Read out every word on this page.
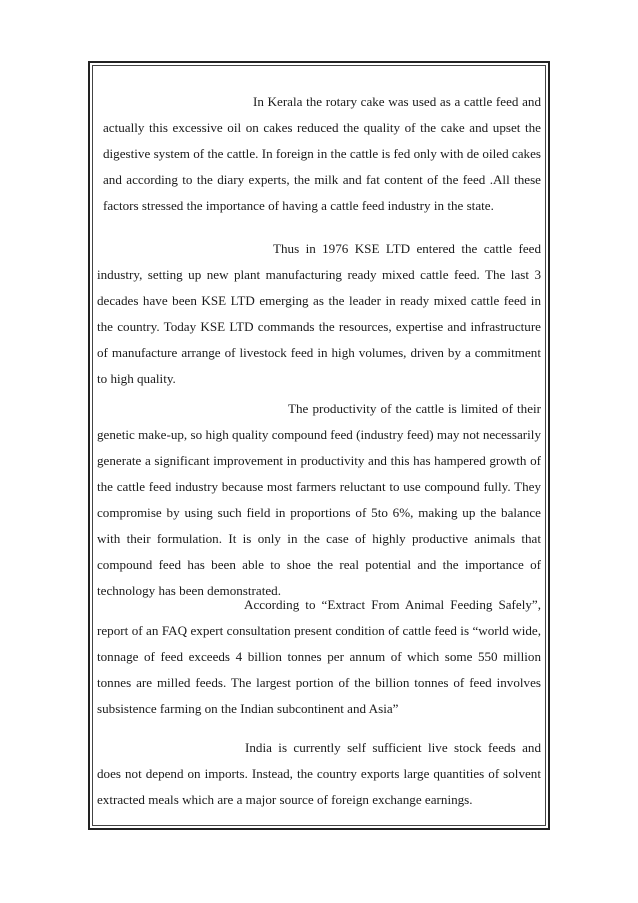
In Kerala the rotary cake was used as a cattle feed and actually this excessive oil on cakes reduced the quality of the cake and upset the digestive system of the cattle. In foreign in the cattle is fed only with de oiled cakes and according to the diary experts, the milk and fat content of the feed .All these factors stressed the importance of having a cattle feed industry in the state.

Thus in 1976 KSE LTD entered the cattle feed industry, setting up new plant manufacturing ready mixed cattle feed. The last 3 decades have been KSE LTD emerging as the leader in ready mixed cattle feed in the country. Today KSE LTD commands the resources, expertise and infrastructure of manufacture arrange of livestock feed in high volumes, driven by a commitment to high quality.

The productivity of the cattle is limited of their genetic make-up, so high quality compound feed (industry feed) may not necessarily generate a significant improvement in productivity and this has hampered growth of the cattle feed industry because most farmers reluctant to use compound fully. They compromise by using such field in proportions of 5to 6%, making up the balance with their formulation. It is only in the case of highly productive animals that compound feed has been able to shoe the real potential and the importance of technology has been demonstrated.

According to “Extract From Animal Feeding Safely”, report of an FAQ expert consultation present condition of cattle feed is “world wide, tonnage of feed exceeds 4 billion tonnes per annum of which some 550 million tonnes are milled feeds. The largest portion of the billion tonnes of feed involves subsistence farming on the Indian subcontinent and Asia”

India is currently self sufficient live stock feeds and does not depend on imports. Instead, the country exports large quantities of solvent extracted meals which are a major source of foreign exchange earnings.
